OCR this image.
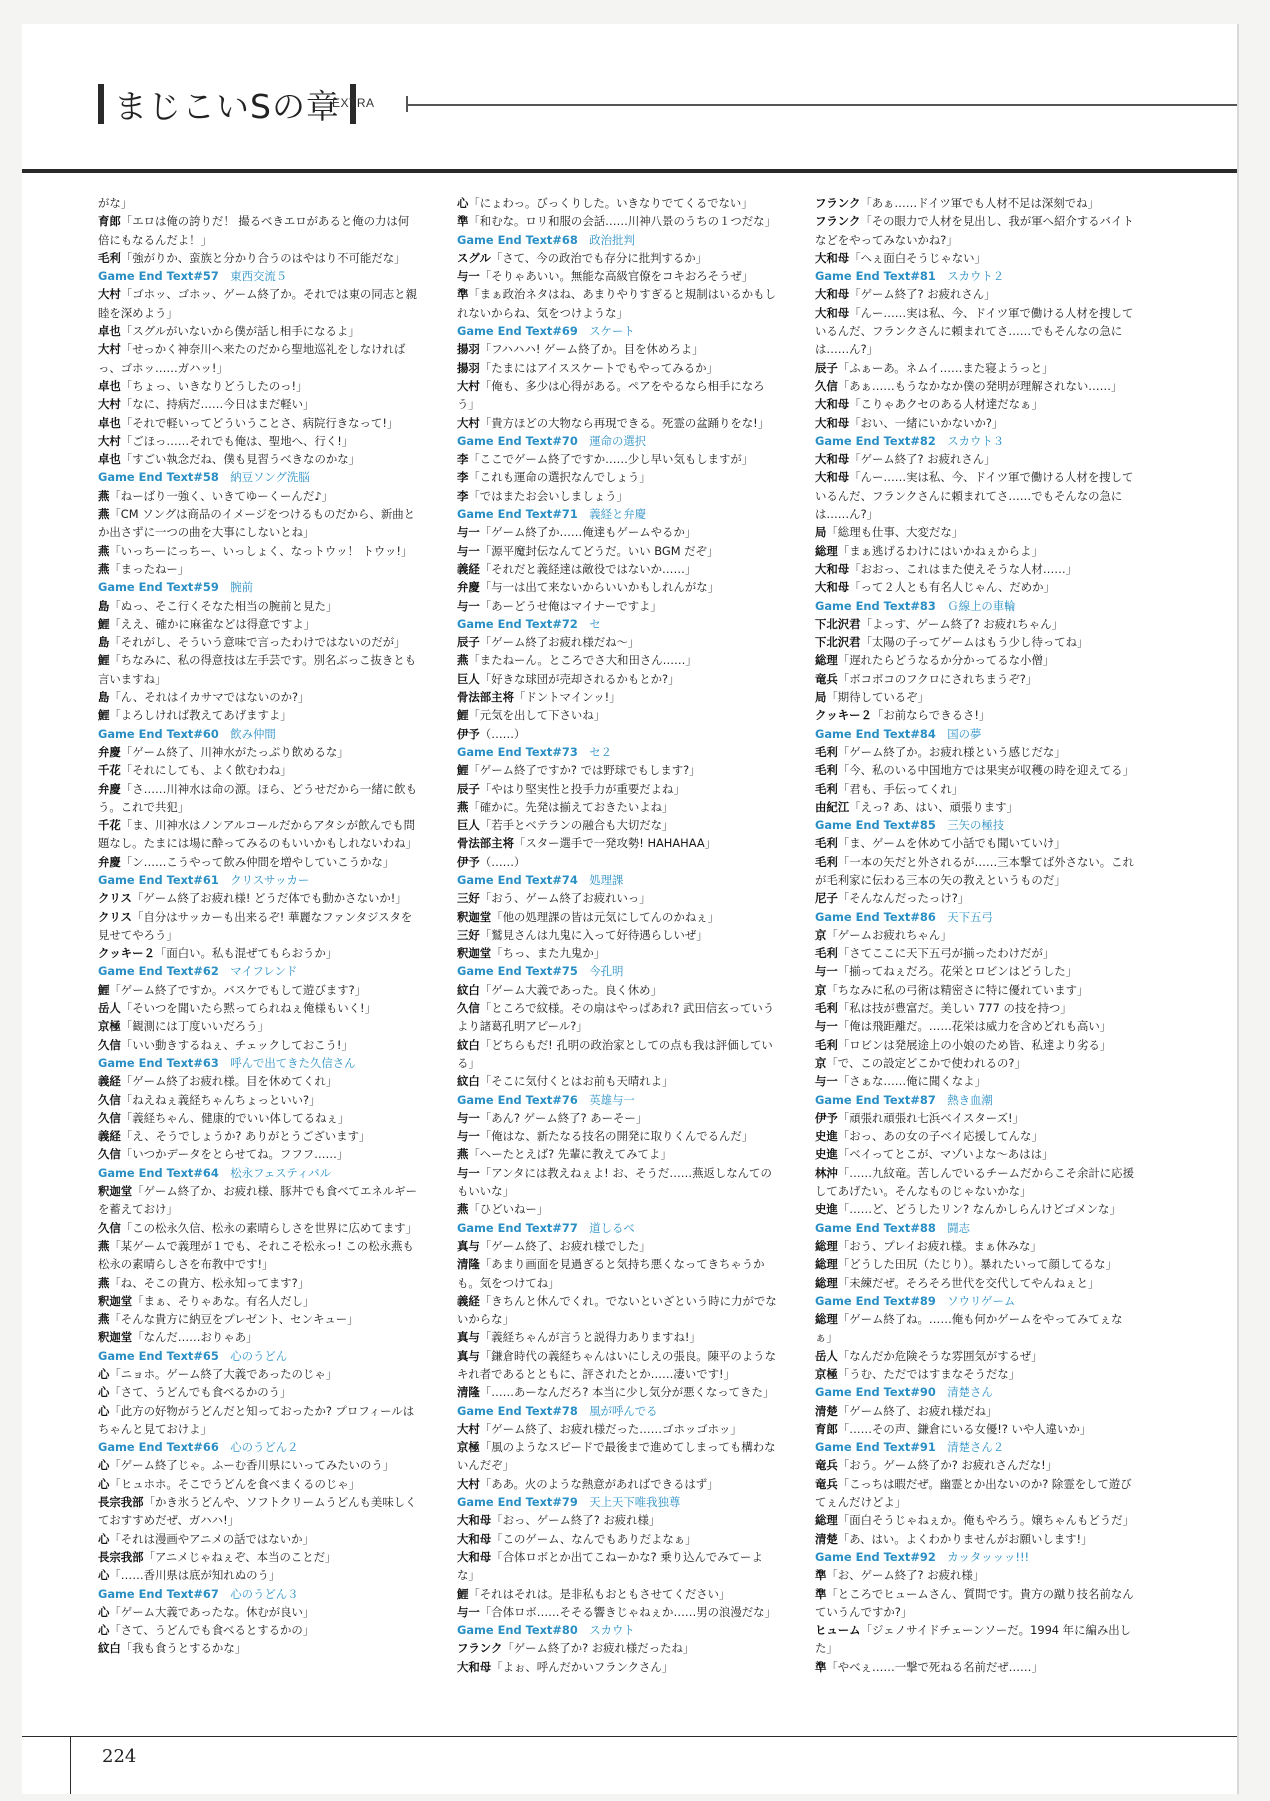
まじこいSの章
EXTRA
がな」
育郎「エロは俺の誇りだ！ 撮るべきエロがあると俺の力は何倍にもなるんだよ！」
毛利「強がりか、蛮族と分かり合うのはやはり不可能だな」
Game End Text#57　 東西交流５
大村「ゴホッ、ゴホッ、ゲーム終了か。それでは東の同志と親睦を深めよう」
卓也「スグルがいないから僕が話し相手になるよ」
大村「せっかく神奈川へ来たのだから聖地巡礼をしなければっ、ゴホッ……ガハッ!」
卓也「ちょっ、いきなりどうしたのっ!」
大村「なに、持病だ……今日はまだ軽い」
卓也「それで軽いってどういうことさ、病院行きなって!」
大村「ごほっ……それでも俺は、聖地へ、行く!」
卓也「すごい執念だね、僕も見習うべきなのかな」
Game End Text#58　 納豆ソング洗脳
燕「ねーばり一強く、いきてゆーくーんだ♪」
燕「CM ソングは商品のイメージをつけるものだから、新曲とか出さずに一つの曲を大事にしないとね」
燕「いっちーにっちー、いっしょく、なっトウッ！ トウッ!」
燕「まったねー」
Game End Text#59　 腕前
島「ぬっ、そこ行くそなた相当の腕前と見た」
鯉「ええ、確かに麻雀などは得意ですよ」
島「それがし、そういう意味で言ったわけではないのだが」
鯉「ちなみに、私の得意技は左手芸です。別名ぶっこ抜きとも言いますね」
島「ん、それはイカサマではないのか?」
鯉「よろしければ教えてあげますよ」
Game End Text#60　 飲み仲間
弁慶「ゲーム終了、川神水がたっぷり飲めるな」
千花「それにしても、よく飲むわね」
弁慶「さ……川神水は命の源。ほら、どうせだから一緒に飲もう。これで共犯」
千花「ま、川神水はノンアルコールだからアタシが飲んでも問題なし。たまには場に酔ってみるのもいいかもしれないわね」
弁慶「ン……こうやって飲み仲間を増やしていこうかな」
Game End Text#61　 クリスサッカー
クリス「ゲーム終了お疲れ様! どうだ体でも動かさないか!」
クリス「自分はサッカーも出来るぞ! 華麗なファンタジスタを見せてやろう」
クッキー２「面白い。私も混ぜてもらおうか」
Game End Text#62　 マイフレンド
鯉「ゲーム終了ですか。バスケでもして遊びます?」
岳人「そいつを聞いたら黙ってられねぇ俺様もいく!」
京極「観測には丁度いいだろう」
久信「いい動きするねぇ、チェックしておこう!」
Game End Text#63　 呼んで出てきた久信さん
義経「ゲーム終了お疲れ様。目を休めてくれ」
久信「ねえねぇ義経ちゃんちょっといい?」
久信「義経ちゃん、健康的でいい体してるねぇ」
義経「え、そうでしょうか? ありがとうございます」
久信「いつかデータをとらせてね。フフフ……」
Game End Text#64　 松永フェスティバル
釈迦堂「ゲーム終了か、お疲れ様、豚丼でも食べてエネルギーを蓄えておけ」
久信「この松永久信、松永の素晴らしさを世界に広めてます」
燕「某ゲームで義理が１でも、それこそ松永っ! この松永燕も松永の素晴らしさを布教中です!」
燕「ね、そこの貴方、松永知ってます?」
釈迦堂「まぁ、そりゃあな。有名人だし」
燕「そんな貴方に納豆をプレゼント、センキュー」
釈迦堂「なんだ……おりゃあ」
Game End Text#65　 心のうどん
心「ニョホ。ゲーム終了大義であったのじゃ」
心「さて、うどんでも食べるかのう」
心「此方の好物がうどんだと知っておったか? プロフィールはちゃんと見ておけよ」
Game End Text#66　 心のうどん２
心「ゲーム終了じゃ。ふーむ香川県にいってみたいのう」
心「ヒュホホ。そこでうどんを食べまくるのじゃ」
長宗我部「かき氷うどんや、ソフトクリームうどんも美味しくておすすめだぜ、ガハハ!」
心「それは漫画やアニメの話ではないか」
長宗我部「アニメじゃねぇぞ、本当のことだ」
心「……香川県は底が知れぬのう」
Game End Text#67　 心のうどん３
心「ゲーム大義であったな。休むが良い」
心「さて、うどんでも食べるとするかの」
紋白「我も食うとするかな」
心「にょわっ。びっくりした。いきなりでてくるでない」
準「和むな。ロリ和服の会話……川神八景のうちの１つだな」
Game End Text#68　 政治批判
スグル「さて、今の政治でも存分に批判するか」
与一「そりゃあいい。無能な高級官僚をコキおろそうぜ」
準「まぁ政治ネタはね、あまりやりすぎると規制はいるかもしれないからね、気をつけような」
Game End Text#69　 スケート
揚羽「フハハハ! ゲーム終了か。目を休めろよ」
揚羽「たまにはアイススケートでもやってみるか」
大村「俺も、多少は心得がある。ペアをやるなら相手になろう」
大村「貴方ほどの大物なら再現できる。死霊の盆踊りをな!」
Game End Text#70　 運命の選択
李「ここでゲーム終了ですか……少し早い気もしますが」
李「これも運命の選択なんでしょう」
李「ではまたお会いしましょう」
Game End Text#71　 義経と弁慶
与一「ゲーム終了か……俺達もゲームやるか」
与一「源平魔封伝なんてどうだ。いい BGM だぞ」
義経「それだと義経達は敵役ではないか……」
弁慶「与一は出て来ないからいいかもしれんがな」
与一「あーどうせ俺はマイナーですよ」
Game End Text#72　 セ
辰子「ゲーム終了お疲れ様だね～」
燕「またねーん。ところでさ大和田さん……」
巨人「好きな球団が売却されるかもとか?」
骨法部主将「ドントマインッ!」
鯉「元気を出して下さいね」
伊予（……）
Game End Text#73　 セ２
鯉「ゲーム終了ですか? では野球でもします?」
辰子「やはり堅実性と投手力が重要だよね」
燕「確かに。先発は揃えておきたいよね」
巨人「若手とベテランの融合も大切だな」
骨法部主将「スター選手で一発攻勢! HAHAHAA」
伊予（……）
Game End Text#74　 処理課
三好「おう、ゲーム終了お疲れいっ」
釈迦堂「他の処理課の皆は元気にしてんのかねぇ」
三好「鷲見さんは九鬼に入って好待遇らしいぜ」
釈迦堂「ちっ、また九鬼か」
Game End Text#75　 今孔明
紋白「ゲーム大義であった。良く休め」
久信「ところで紋様。その扇はやっぱあれ? 武田信玄っていうより諸葛孔明アピール?」
紋白「どちらもだ! 孔明の政治家としての点も我は評価している」
紋白「そこに気付くとはお前も天晴れよ」
Game End Text#76　 英雄与一
与一「あん? ゲーム終了? あーそー」
与一「俺はな、新たなる技名の開発に取りくんでるんだ」
燕「へーたとえば? 先輩に教えてみてよ」
与一「アンタには教えねぇよ! お、そうだ……燕返しなんてのもいいな」
燕「ひどいねー」
Game End Text#77　 道しるべ
真与「ゲーム終了、お疲れ様でした」
清隆「あまり画面を見過ぎると気持ち悪くなってきちゃうかも。気をつけてね」
義経「きちんと休んでくれ。でないといざという時に力がでないからな」
真与「義経ちゃんが言うと説得力ありますね!」
真与「鎌倉時代の義経ちゃんはいにしえの張良。陳平のようなキれ者であるとともに、評されたとか……凄いです!」
清隆「……あーなんだろ? 本当に少し気分が悪くなってきた」
Game End Text#78　 風が呼んでる
大村「ゲーム終了、お疲れ様だった……ゴホッゴホッ」
京極「風のようなスピードで最後まで進めてしまっても構わないんだぞ」
大村「ああ。火のような熱意があればできるはず」
Game End Text#79　 天上天下唯我独尊
大和母「おっ、ゲーム終了? お疲れ様」
大和母「このゲーム、なんでもありだよなぁ」
大和母「合体ロボとか出てこねーかな? 乗り込んでみてーよな」
鯉「それはそれは。是非私もおともさせてください」
与一「合体ロボ……そそる響きじゃねぇか……男の浪漫だな」
Game End Text#80　 スカウト
フランク「ゲーム終了か? お疲れ様だったね」
大和母「よぉ、呼んだかいフランクさん」
フランク「あぁ……ドイツ軍でも人材不足は深刻でね」
フランク「その眼力で人材を見出し、我が軍へ紹介するバイトなどをやってみないかね?」
大和母「へぇ面白そうじゃない」
Game End Text#81　 スカウト２
大和母「ゲーム終了? お疲れさん」
大和母「んー……実は私、今、ドイツ軍で働ける人材を捜しているんだ、フランクさんに頼まれてさ……でもそんなの急には……ん?」
辰子「ふぁーあ。ネムイ……また寝ようっと」
久信「あぁ……もうなかなか僕の発明が理解されない……」
大和母「こりゃあクセのある人材達だなぁ」
大和母「おい、一緒にいかないか?」
Game End Text#82　 スカウト３
大和母「ゲーム終了? お疲れさん」
大和母「んー……実は私、今、ドイツ軍で働ける人材を捜しているんだ、フランクさんに頼まれてさ……でもそんなの急には……ん?」
局「総理も仕事、大変だな」
総理「まぁ逃げるわけにはいかねぇからよ」
大和母「おおっ、これはまた使えそうな人材……」
大和母「って２人とも有名人じゃん、だめか」
Game End Text#83　 Ｇ線上の車輪
下北沢君「よっす、ゲーム終了? お疲れちゃん」
下北沢君「太陽の子ってゲームはもう少し待ってね」
総理「遅れたらどうなるか分かってるな小僧」
竜兵「ボコボコのフクロにされちまうぞ?」
局「期待しているぞ」
クッキー２「お前ならできるさ!」
Game End Text#84　 国の夢
毛利「ゲーム終了か。お疲れ様という感じだな」
毛利「今、私のいる中国地方では果実が収穫の時を迎えてる」
毛利「君も、手伝ってくれ」
由紀江「えっ? あ、はい、頑張ります」
Game End Text#85　 三矢の極技
毛利「ま、ゲームを休めて小話でも聞いていけ」
毛利「一本の矢だと外されるが……三本撃てば外さない。これが毛利家に伝わる三本の矢の教えというものだ」
尼子「そんなんだったっけ?」
Game End Text#86　 天下五弓
京「ゲームお疲れちゃん」
毛利「さてここに天下五弓が揃ったわけだが」
与一「揃ってねぇだろ。花栄とロビンはどうした」
京「ちなみに私の弓術は精密さに特に優れています」
毛利「私は技が豊富だ。美しい 777 の技を持つ」
与一「俺は飛距離だ。……花栄は威力を含めどれも高い」
毛利「ロビンは発展途上の小娘のため皆、私達より劣る」
京「で、この設定どこかで使われるの?」
与一「さぁな……俺に聞くなよ」
Game End Text#87　 熱き血潮
伊予「頑張れ頑張れ七浜ベイスターズ!」
史進「おっ、あの女の子ベイ応援してんな」
史進「ベイってとこが、マゾいよな～あはは」
林沖「……九紋竜。苦しんでいるチームだからこそ余計に応援してあげたい。そんなものじゃないかな」
史進「……ど、どうしたリン? なんかしらんけどゴメンな」
Game End Text#88　 闘志
総理「おう、プレイお疲れ様。まぁ休みな」
総理「どうした田尻（たじり）。暴れたいって顔してるな」
総理「未練だぜ。そろそろ世代を交代してやんねぇと」
Game End Text#89　 ソウリゲーム
総理「ゲーム終了ね。……俺も何かゲームをやってみてぇなぁ」
岳人「なんだか危険そうな雰囲気がするぜ」
京極「うむ、ただではすまなそうだな」
Game End Text#90　 清楚さん
清楚「ゲーム終了、お疲れ様だね」
育郎「……その声、鎌倉にいる女優!? いや人違いか」
Game End Text#91　 清楚さん２
竜兵「おう。ゲーム終了か? お疲れさんだな!」
竜兵「こっちは暇だぜ。幽霊とか出ないのか? 除霊をして遊びてぇんだけどよ」
総理「面白そうじゃねぇか。俺もやろう。嬢ちゃんもどうだ」
清楚「あ、はい。よくわかりませんがお願いします!」
Game End Text#92　 カッタッッッ!!!
準「お、ゲーム終了? お疲れ様」
準「ところでヒュームさん、質問です。貴方の蹴り技名前なんていうんですか?」
ヒューム「ジェノサイドチェーンソーだ。1994 年に編み出した」
準「やべぇ……一撃で死ねる名前だぜ……」
224
